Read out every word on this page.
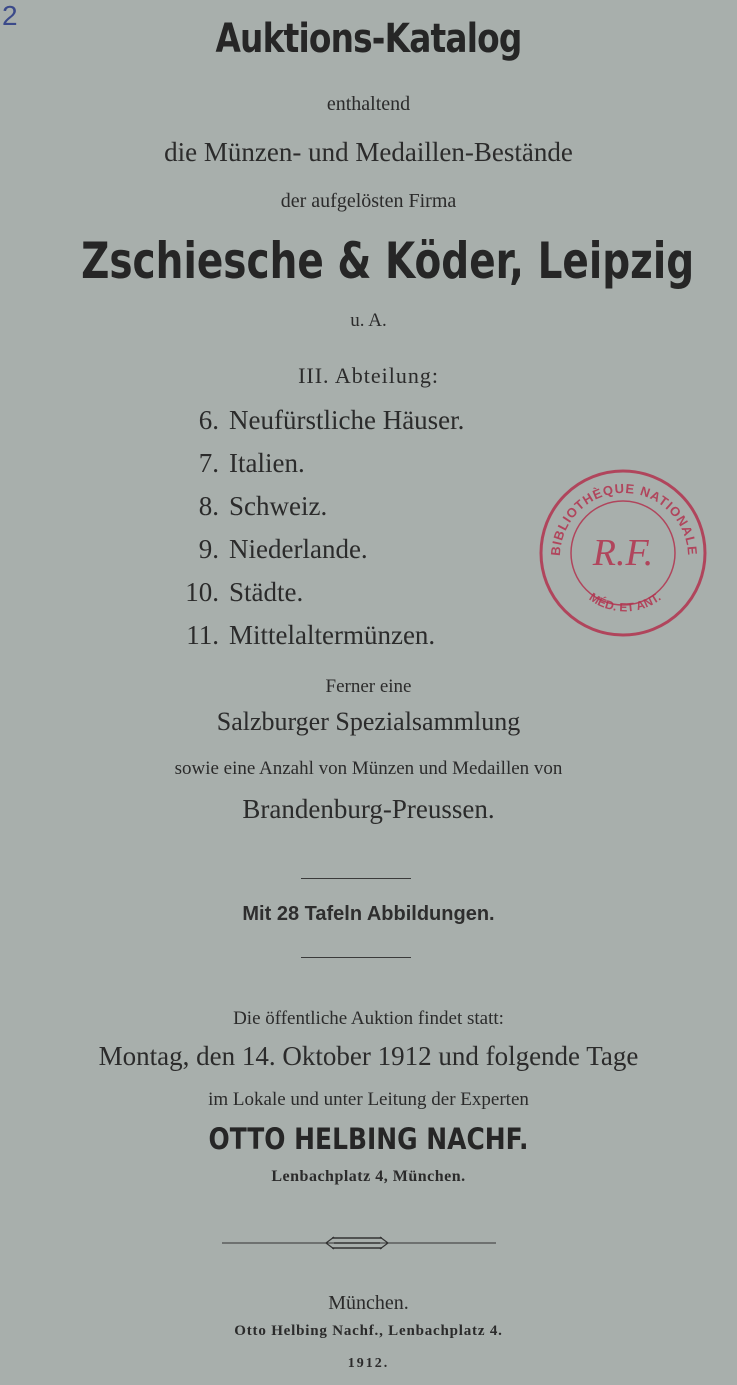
2
Auktions-Katalog
enthaltend
die Münzen- und Medaillen-Bestände
der aufgelösten Firma
Zschiesche & Köder, Leipzig
u. A.
III. Abteilung:
6. Neufürstliche Häuser.
7. Italien.
8. Schweiz.
9. Niederlande.
10. Städte.
11. Mittelaltermünzen.
BIBLIOTHÈQUE NATIONALE
MÉD. ET ANT.
R.F.
Ferner eine
Salzburger Spezialsammlung
sowie eine Anzahl von Münzen und Medaillen von
Brandenburg-Preussen.
Mit 28 Tafeln Abbildungen.
Die öffentliche Auktion findet statt:
Montag, den 14. Oktober 1912 und folgende Tage
im Lokale und unter Leitung der Experten
OTTO HELBING NACHF.
Lenbachplatz 4, München.
München.
Otto Helbing Nachf., Lenbachplatz 4.
1912.
